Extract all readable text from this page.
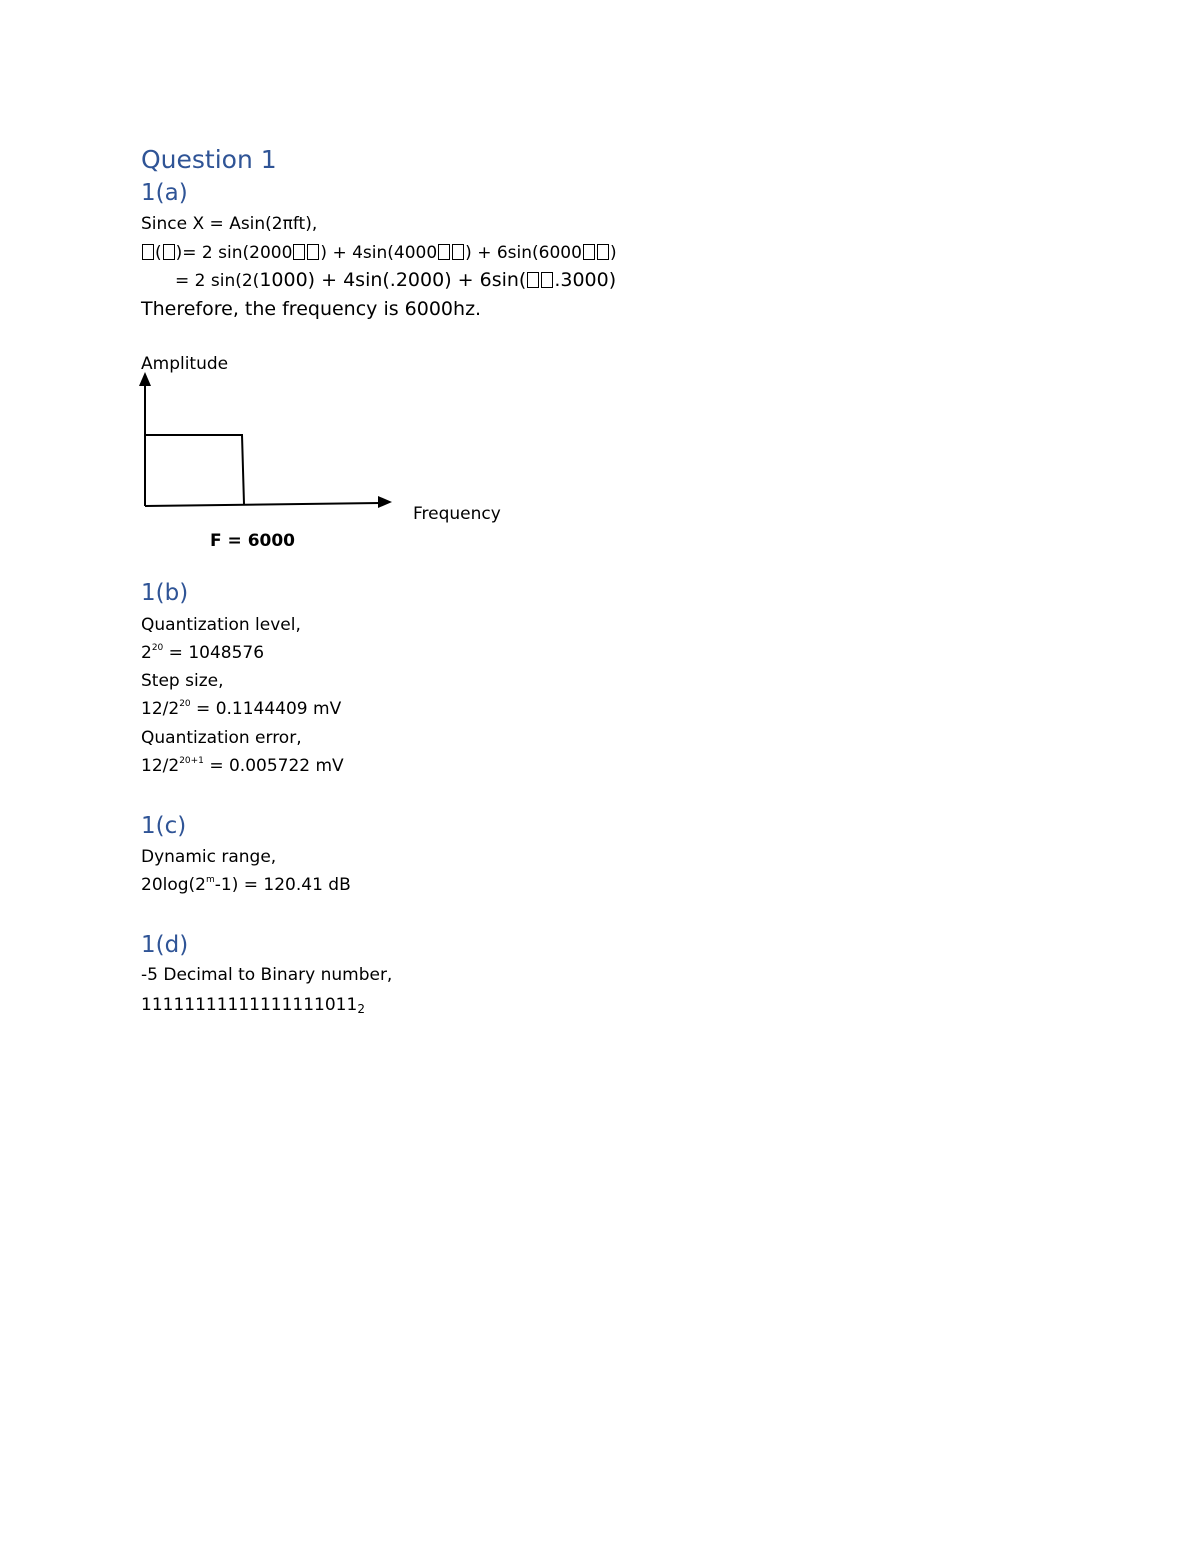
Question 1
1(a)
Since X = Asin(2πft),
( )= 2 sin(2000 ) + 4sin(4000 ) + 6sin(6000 )
= 2 sin(2(1000) + 4sin(.2000) + 6sin( .3000)
Therefore, the frequency is 6000hz.
Amplitude
Frequency
F = 6000
1(b)
Quantization level,
$2^{20} = 1048576$
Step size,
$12/2^{20} = 0.1144409$ mV
Quantization error,
$12/2^{20+1} = 0.005722$ mV
1(c)
Dynamic range,
$20\log(2^m-1) = 120.41$ dB
1(d)
-5 Decimal to Binary number,
111111111111111110112
